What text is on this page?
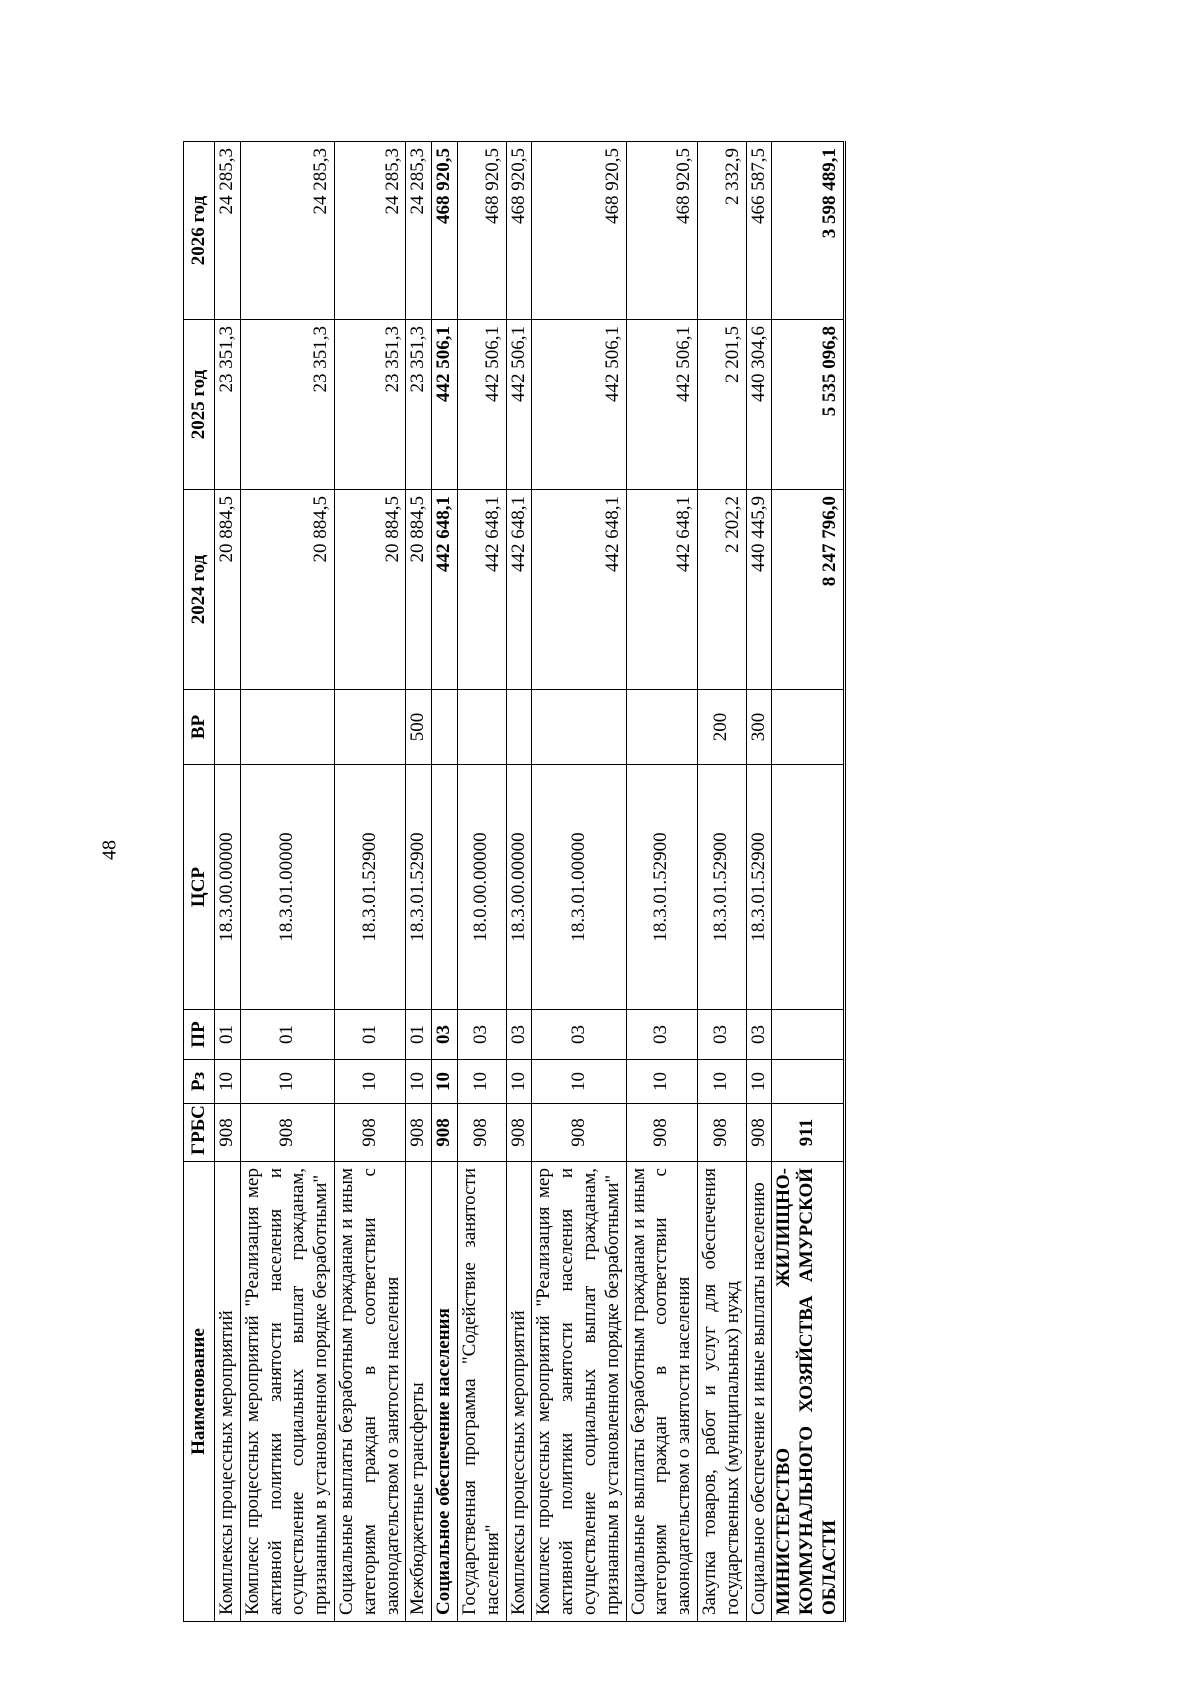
48
Наименование	ГРБС	Рз	ПР	ЦСР	ВР	2024 год	2025 год	2026 год
Комплексы процессных мероприятий	908	10	01	18.3.00.00000		20 884,5	23 351,3	24 285,3
Комплекс процессных мероприятий "Реализация мер активной политики занятости населения и осуществление социальных выплат гражданам, признанным в установленном порядке безработными"	908	10	01	18.3.01.00000		20 884,5	23 351,3	24 285,3
Социальные выплаты безработным гражданам и иным категориям граждан в соответствии с законодательством о занятости населения	908	10	01	18.3.01.52900		20 884,5	23 351,3	24 285,3
Межбюджетные трансферты	908	10	01	18.3.01.52900	500	20 884,5	23 351,3	24 285,3
Социальное обеспечение населения	908	10	03			442 648,1	442 506,1	468 920,5
Государственная программа "Содействие занятости населения"	908	10	03	18.0.00.00000		442 648,1	442 506,1	468 920,5
Комплексы процессных мероприятий	908	10	03	18.3.00.00000		442 648,1	442 506,1	468 920,5
Комплекс процессных мероприятий "Реализация мер активной политики занятости населения и осуществление социальных выплат гражданам, признанным в установленном порядке безработными"	908	10	03	18.3.01.00000		442 648,1	442 506,1	468 920,5
Социальные выплаты безработным гражданам и иным категориям граждан в соответствии с законодательством о занятости населения	908	10	03	18.3.01.52900		442 648,1	442 506,1	468 920,5
Закупка товаров, работ и услуг для обеспечения государственных (муниципальных) нужд	908	10	03	18.3.01.52900	200	2 202,2	2 201,5	2 332,9
Социальное обеспечение и иные выплаты населению	908	10	03	18.3.01.52900	300	440 445,9	440 304,6	466 587,5
МИНИСТЕРСТВО ЖИЛИЩНО-КОММУНАЛЬНОГО ХОЗЯЙСТВА АМУРСКОЙ ОБЛАСТИ	911					8 247 796,0	5 535 096,8	3 598 489,1
